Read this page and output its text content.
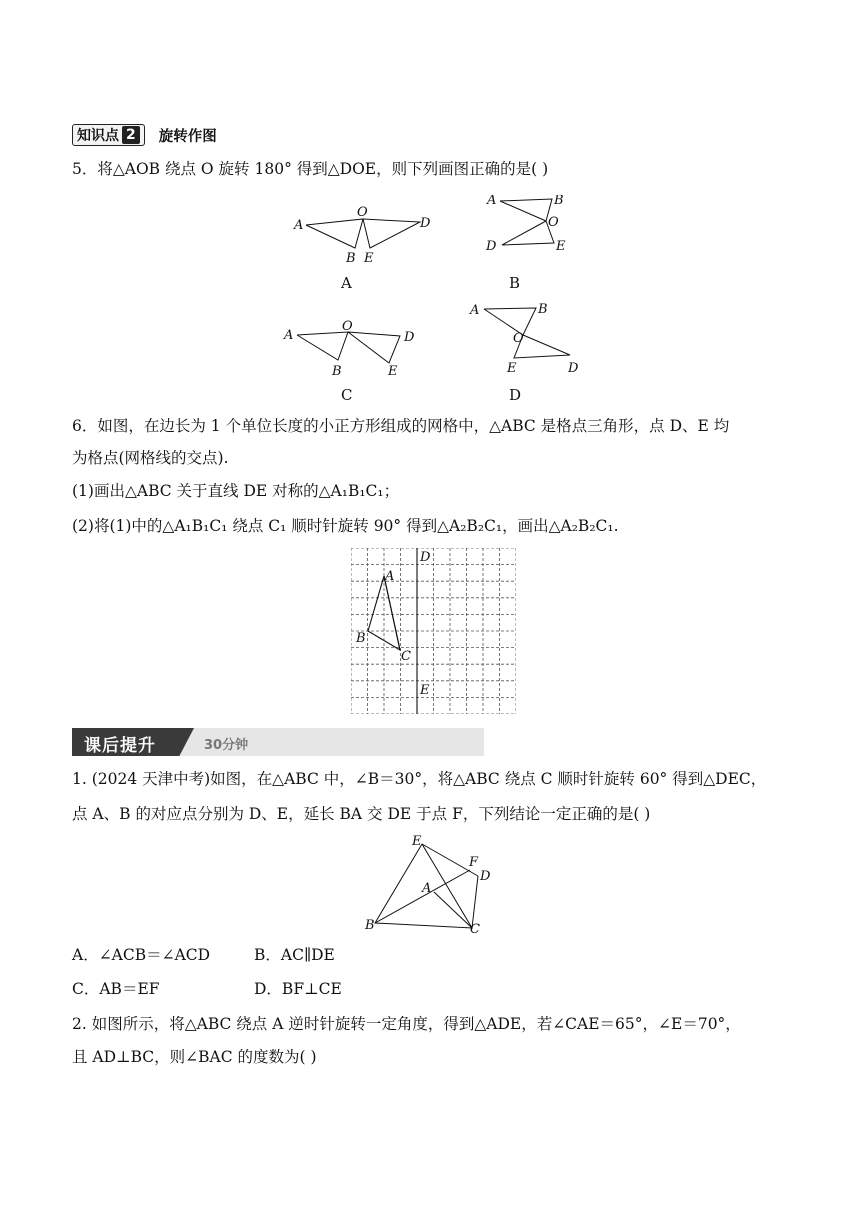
知识点 2 旋转作图
5．将△AOB 绕点 O 旋转 180° 得到△DOE，则下列画图正确的是( )
A
O
D
B E
A	B
O
D	E
A
O
D
B	E
A	B
O
E	D
A	B
C	D
6．如图，在边长为 1 个单位长度的小正方形组成的网格中，△ABC 是格点三角形，点 D、E 均
为格点(网格线的交点).
(1)画出△ABC 关于直线 DE 对称的△A₁B₁C₁；
(2)将(1)中的△A₁B₁C₁ 绕点 C₁ 顺时针旋转 90° 得到△A₂B₂C₁，画出△A₂B₂C₁.
A
B
C
D
E
课后提升	30分钟
1. (2024 天津中考)如图，在△ABC 中，∠B＝30°，将△ABC 绕点 C 顺时针旋转 60° 得到△DEC，
点 A、B 的对应点分别为 D、E，延长 BA 交 DE 于点 F，下列结论一定正确的是( )
E
F
D
A
B	C
A．∠ACB＝∠ACD	B．AC∥DE
C．AB＝EF	D．BF⊥CE
2. 如图所示，将△ABC 绕点 A 逆时针旋转一定角度，得到△ADE，若∠CAE＝65°，∠E＝70°，
且 AD⊥BC，则∠BAC 的度数为( )
